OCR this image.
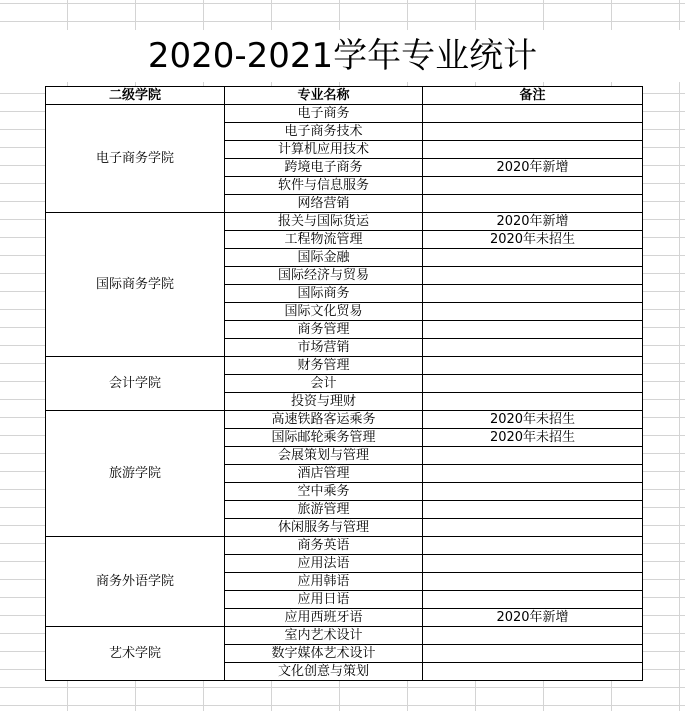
2020-2021学年专业统计
二级学院	专业名称	备注
电子商务学院	电子商务	
	电子商务技术	
	计算机应用技术	
	跨境电子商务	2020年新增
	软件与信息服务	
	网络营销	
国际商务学院	报关与国际货运	2020年新增
	工程物流管理	2020年未招生
	国际金融	
	国际经济与贸易	
	国际商务	
	国际文化贸易	
	商务管理	
	市场营销	
会计学院	财务管理	
	会计	
	投资与理财	
旅游学院	高速铁路客运乘务	2020年未招生
	国际邮轮乘务管理	2020年未招生
	会展策划与管理	
	酒店管理	
	空中乘务	
	旅游管理	
	休闲服务与管理	
商务外语学院	商务英语	
	应用法语	
	应用韩语	
	应用日语	
	应用西班牙语	2020年新增
艺术学院	室内艺术设计	
	数字媒体艺术设计	
	文化创意与策划	
